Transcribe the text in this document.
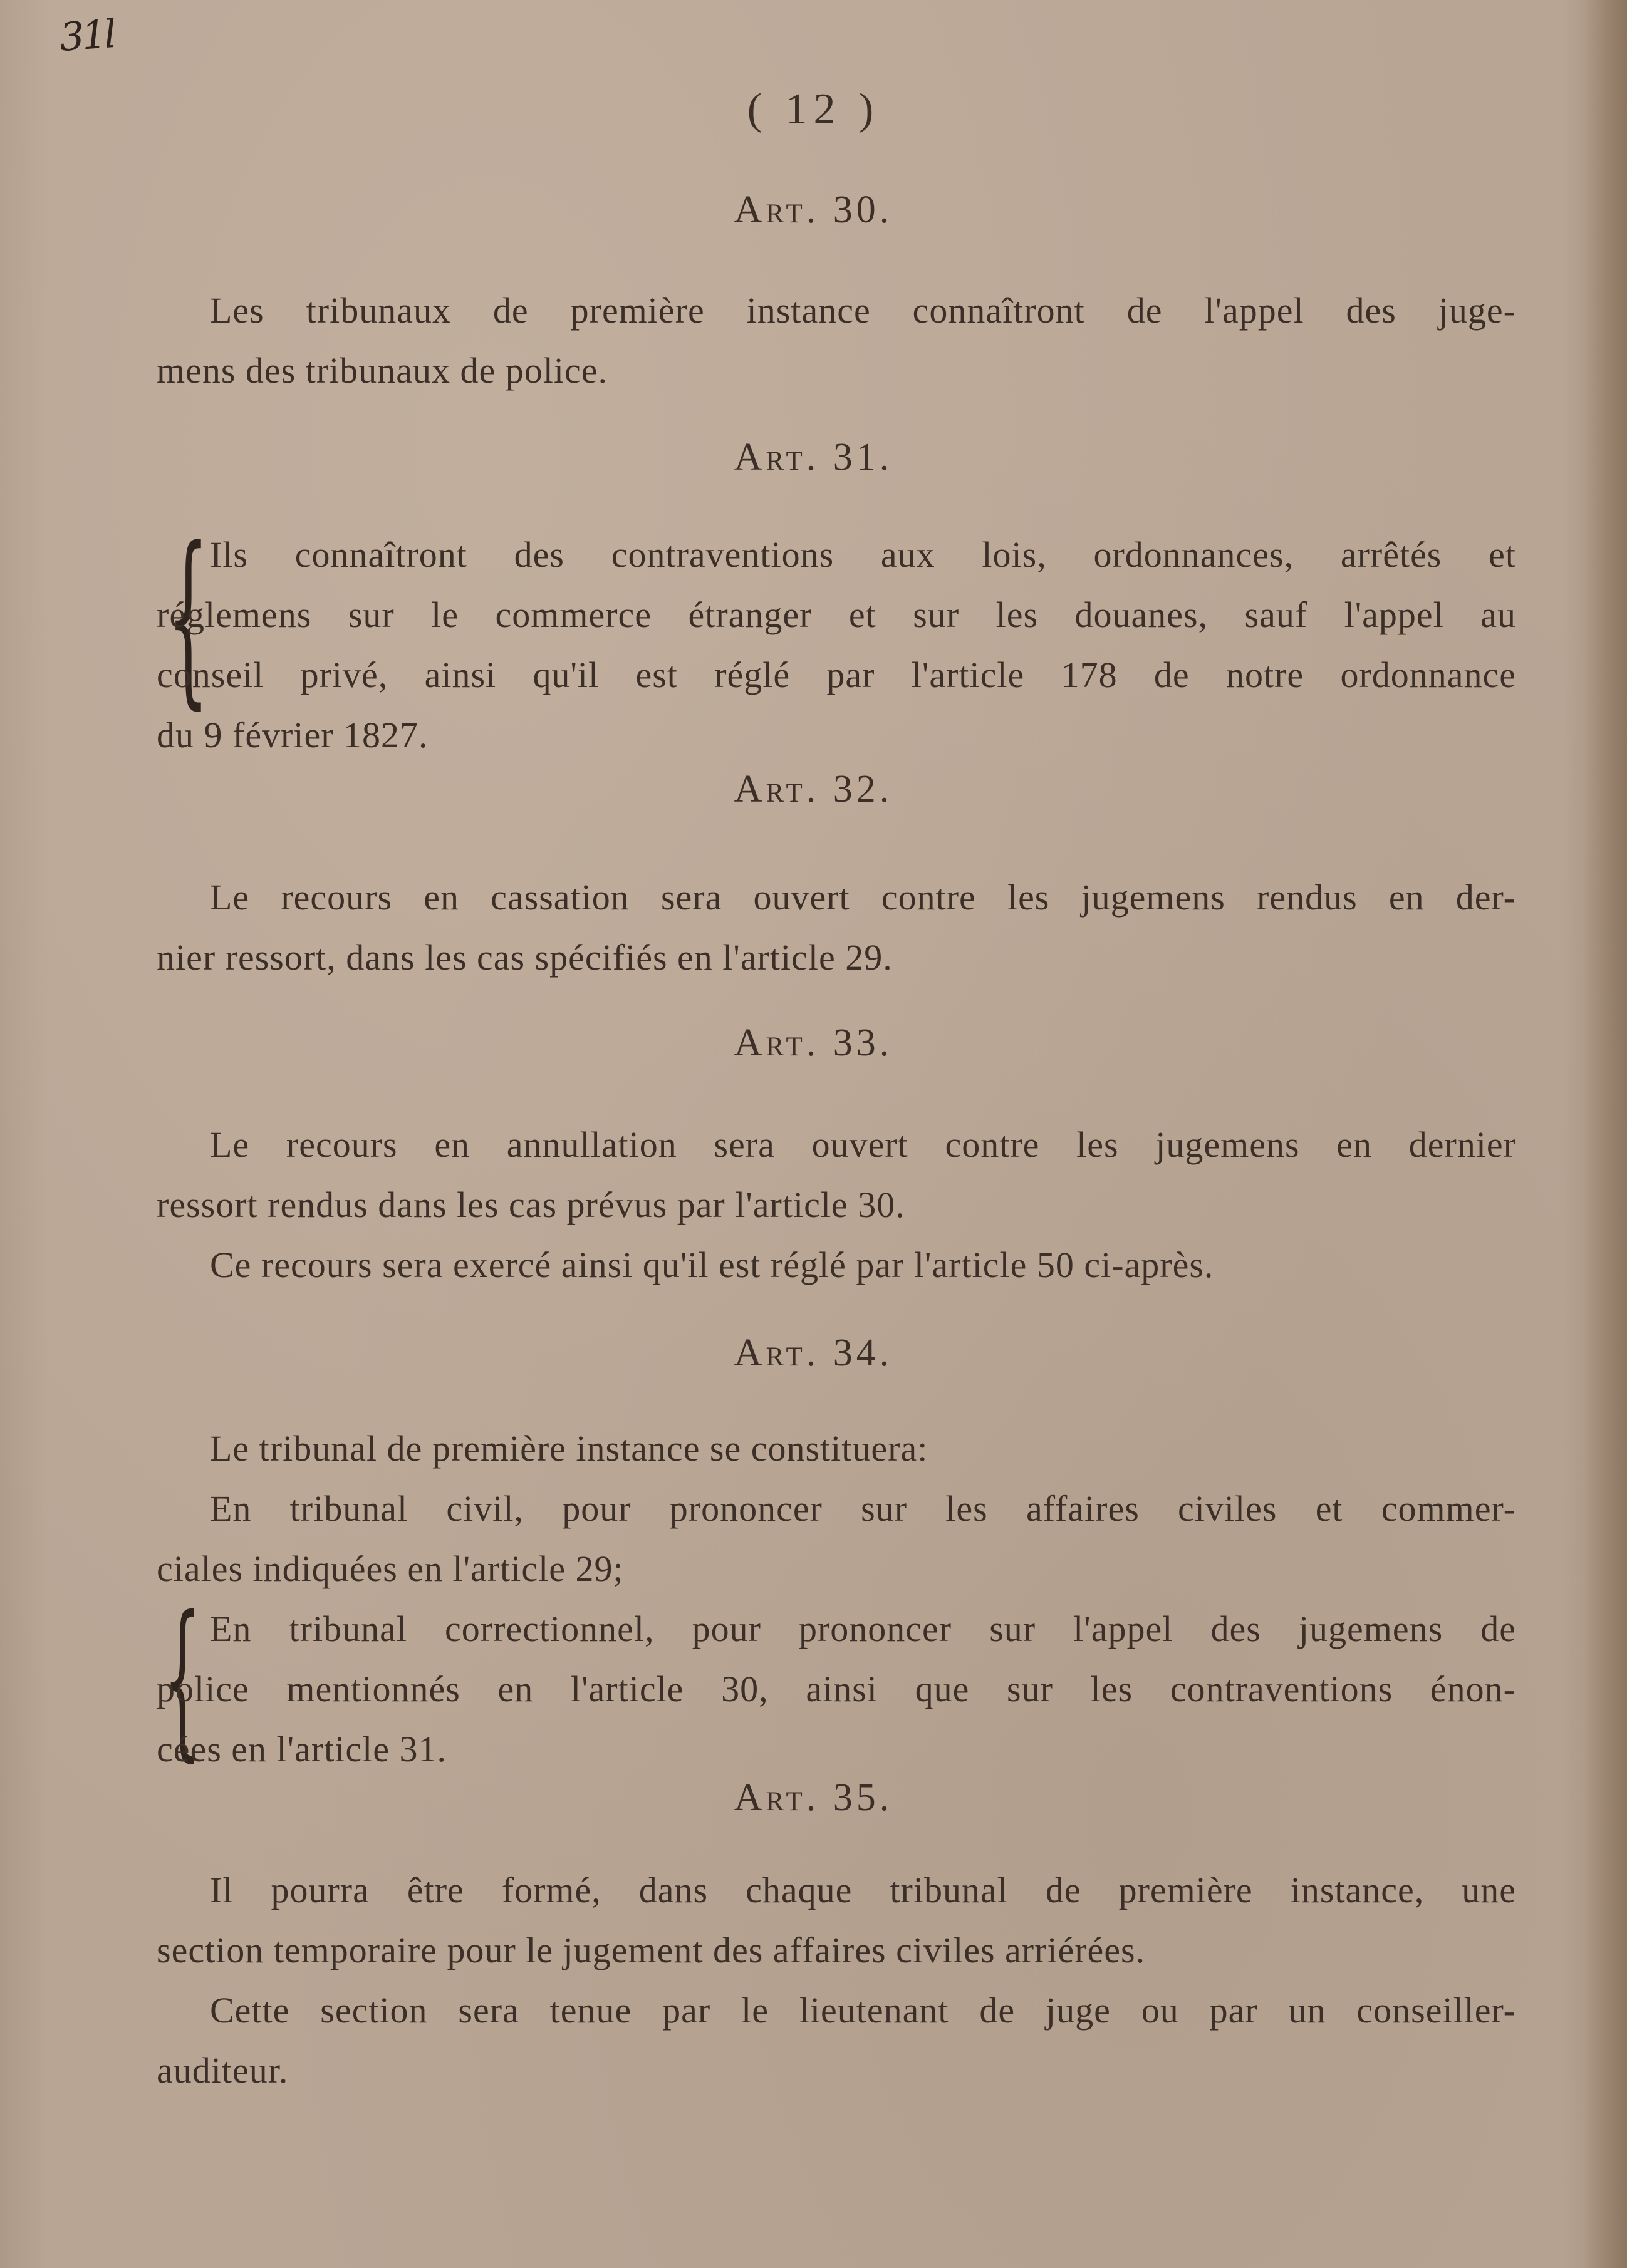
31l
( 12 )
Art. 30.
Les tribunaux de première instance connaîtront de l'appel des juge-
mens des tribunaux de police.
Art. 31.
{ Ils connaîtront des contraventions aux lois, ordonnances, arrêtés et
réglemens sur le commerce étranger et sur les douanes, sauf l'appel au
conseil privé, ainsi qu'il est réglé par l'article 178 de notre ordonnance
du 9 février 1827.
Art. 32.
Le recours en cassation sera ouvert contre les jugemens rendus en der-
nier ressort, dans les cas spécifiés en l'article 29.
Art. 33.
Le recours en annullation sera ouvert contre les jugemens en dernier
ressort rendus dans les cas prévus par l'article 30.
Ce recours sera exercé ainsi qu'il est réglé par l'article 50 ci-après.
Art. 34.
{
Le tribunal de première instance se constituera:
En tribunal civil, pour prononcer sur les affaires civiles et commer-
ciales indiquées en l'article 29;
En tribunal correctionnel, pour prononcer sur l'appel des jugemens de
police mentionnés en l'article 30, ainsi que sur les contraventions énon-
cées en l'article 31.
Art. 35.
Il pourra être formé, dans chaque tribunal de première instance, une
section temporaire pour le jugement des affaires civiles arriérées.
Cette section sera tenue par le lieutenant de juge ou par un conseiller-
auditeur.
